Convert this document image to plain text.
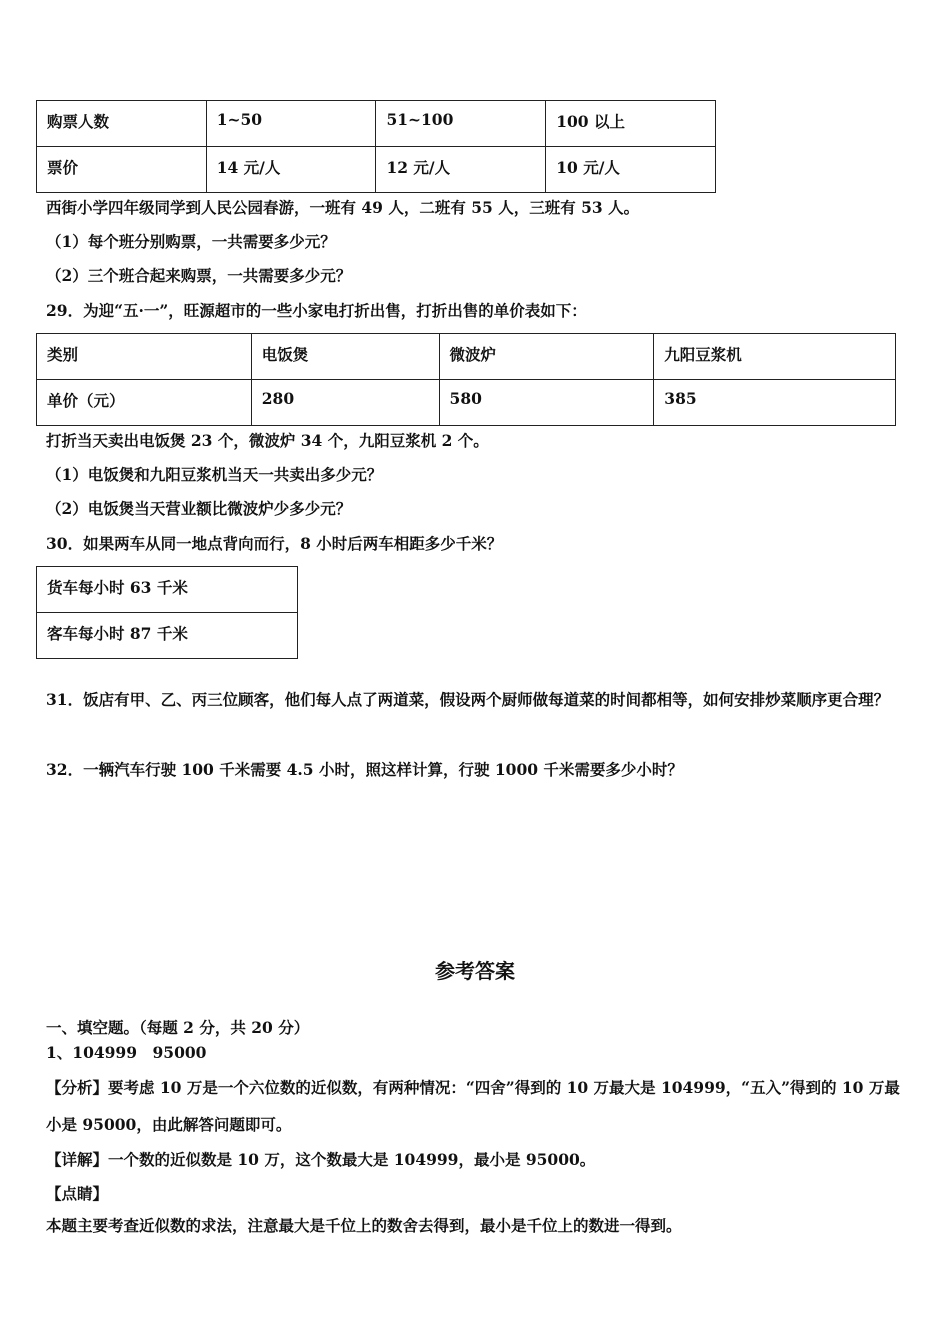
购票人数	1~50	51~100	100 以上
票价	14 元/人	12 元/人	10 元/人
西街小学四年级同学到人民公园春游，一班有 49 人，二班有 55 人，三班有 53 人。
（1）每个班分别购票，一共需要多少元？
（2）三个班合起来购票，一共需要多少元？
29．为迎“五·一”，旺源超市的一些小家电打折出售，打折出售的单价表如下：
类别	电饭煲	微波炉	九阳豆浆机
单价（元）	280	580	385
打折当天卖出电饭煲 23 个，微波炉 34 个，九阳豆浆机 2 个。
（1）电饭煲和九阳豆浆机当天一共卖出多少元？
（2）电饭煲当天营业额比微波炉少多少元？
30．如果两车从同一地点背向而行，8 小时后两车相距多少千米？
货车每小时 63 千米
客车每小时 87 千米
31．饭店有甲、乙、丙三位顾客，他们每人点了两道菜，假设两个厨师做每道菜的时间都相等，如何安排炒菜顺序更合理？
32．一辆汽车行驶 100 千米需要 4.5 小时，照这样计算，行驶 1000 千米需要多少小时？
参考答案
一、填空题。（每题 2 分，共 20 分）
1、104999　95000
【分析】要考虑 10 万是一个六位数的近似数，有两种情况：“四舍”得到的 10 万最大是 104999，“五入”得到的 10 万最小是 95000，由此解答问题即可。
【详解】一个数的近似数是 10 万，这个数最大是 104999，最小是 95000。
【点睛】
本题主要考查近似数的求法，注意最大是千位上的数舍去得到，最小是千位上的数进一得到。
